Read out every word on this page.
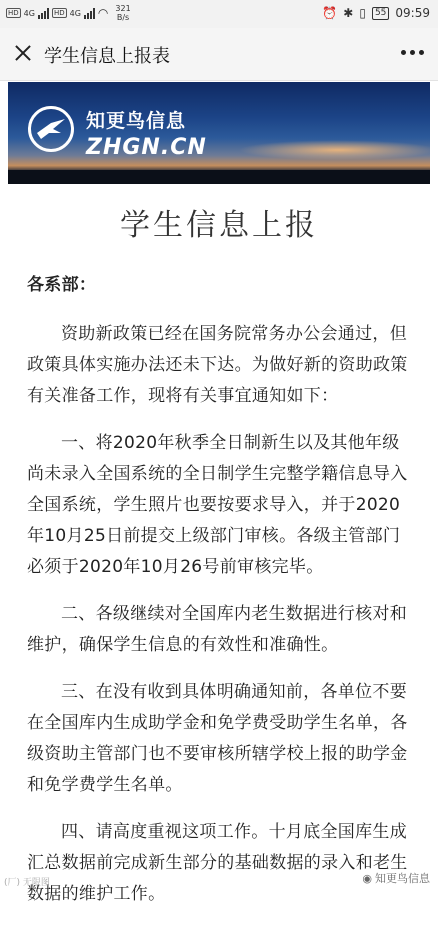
HD 4G	HD 4G ◠ 321
B/s	⏰ ✱ ▯	55 09:59
学生信息上报表
知更鸟信息
ZHGN.CN
学生信息上报

各系部：

资助新政策已经在国务院常务办公会通过，但政策具体实施办法还未下达。为做好新的资助政策有关准备工作，现将有关事宜通知如下：

一、将2020年秋季全日制新生以及其他年级尚未录入全国系统的全日制学生完整学籍信息导入全国系统，学生照片也要按要求导入，并于2020年10月25日前提交上级部门审核。各级主管部门必须于2020年10月26号前审核完毕。

二、各级继续对全国库内老生数据进行核对和维护，确保学生信息的有效性和准确性。

三、在没有收到具体明确通知前，各单位不要在全国库内生成助学金和免学费受助学生名单，各级资助主管部门也不要审核所辖学校上报的助学金和免学费学生名单。

四、请高度重视这项工作。十月底全国库生成汇总数据前完成新生部分的基础数据的录入和老生数据的维护工作。

(厂) 无限图	◉ 知更鸟信息
